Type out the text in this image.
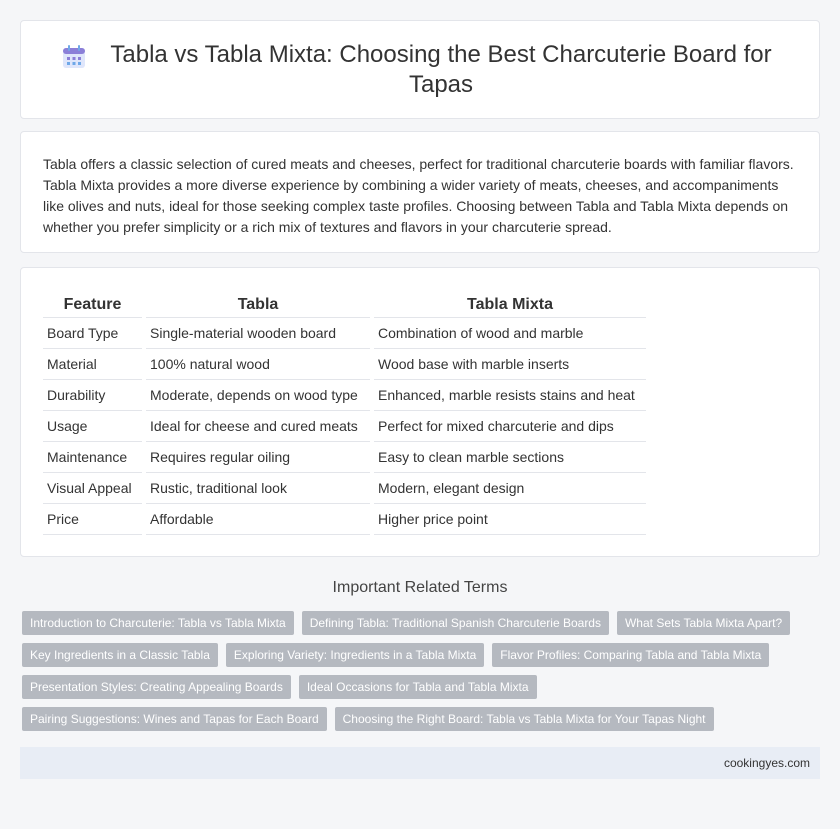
Tabla vs Tabla Mixta: Choosing the Best Charcuterie Board for Tapas

Tabla offers a classic selection of cured meats and cheeses, perfect for traditional charcuterie boards with familiar flavors. Tabla Mixta provides a more diverse experience by combining a wider variety of meats, cheeses, and accompaniments like olives and nuts, ideal for those seeking complex taste profiles. Choosing between Tabla and Tabla Mixta depends on whether you prefer simplicity or a rich mix of textures and flavors in your charcuterie spread.

Feature	Tabla	Tabla Mixta
Board Type	Single-material wooden board	Combination of wood and marble
Material	100% natural wood	Wood base with marble inserts
Durability	Moderate, depends on wood type	Enhanced, marble resists stains and heat
Usage	Ideal for cheese and cured meats	Perfect for mixed charcuterie and dips
Maintenance	Requires regular oiling	Easy to clean marble sections
Visual Appeal	Rustic, traditional look	Modern, elegant design
Price	Affordable	Higher price point
Important Related Terms
Introduction to Charcuterie: Tabla vs Tabla Mixta	Defining Tabla: Traditional Spanish Charcuterie Boards	What Sets Tabla Mixta Apart?
Key Ingredients in a Classic Tabla	Exploring Variety: Ingredients in a Tabla Mixta	Flavor Profiles: Comparing Tabla and Tabla Mixta
Presentation Styles: Creating Appealing Boards	Ideal Occasions for Tabla and Tabla Mixta
Pairing Suggestions: Wines and Tapas for Each Board	Choosing the Right Board: Tabla vs Tabla Mixta for Your Tapas Night
cookingyes.com
